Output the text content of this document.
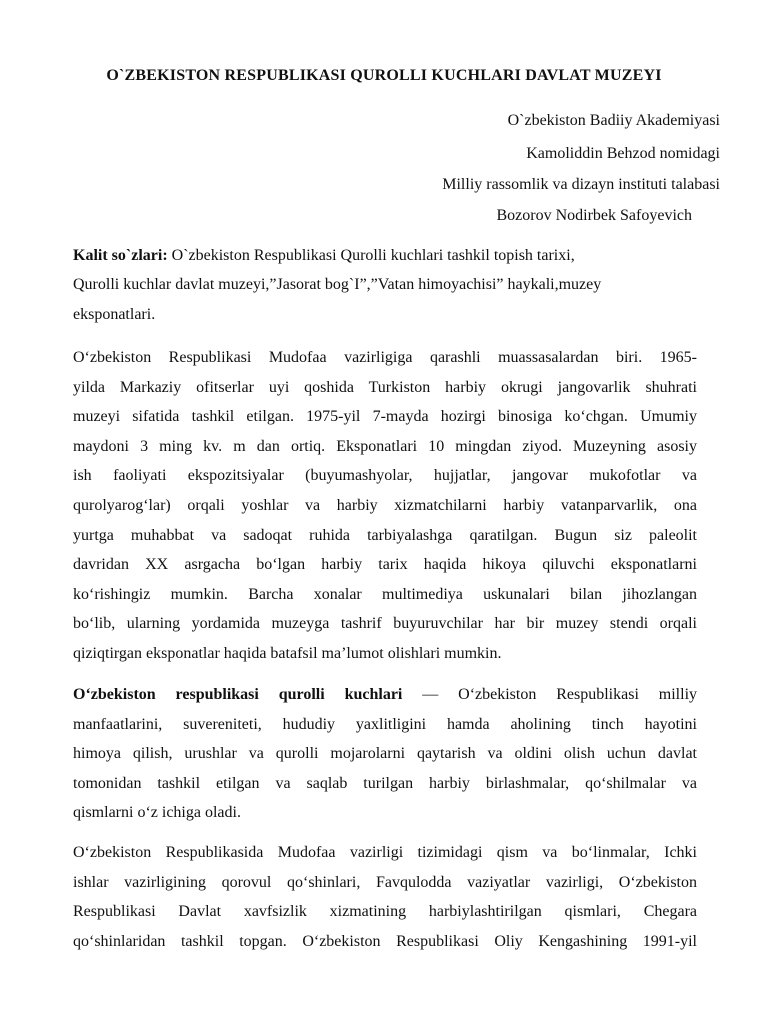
O`ZBEKISTON RESPUBLIKASI QUROLLI KUCHLARI DAVLAT MUZEYI
O`zbekiston Badiiy Akademiyasi
Kamoliddin Behzod nomidagi
Milliy rassomlik va dizayn instituti talabasi
Bozorov Nodirbek Safoyevich
Kalit so`zlari: O`zbekiston Respublikasi Qurolli kuchlari tashkil topish tarixi,
Qurolli kuchlar davlat muzeyi,”Jasorat bog`I”,”Vatan himoyachisi” haykali,muzey
eksponatlari.
O‘zbekiston Respublikasi Mudofaa vazirligiga qarashli muassasalardan biri. 1965-
yilda Markaziy ofitserlar uyi qoshida Turkiston harbiy okrugi jangovarlik shuhrati
muzeyi sifatida tashkil etilgan. 1975-yil 7-mayda hozirgi binosiga ko‘chgan. Umumiy
maydoni 3 ming kv. m dan ortiq. Eksponatlari 10 mingdan ziyod. Muzeyning asosiy
ish faoliyati ekspozitsiyalar (buyumashyolar, hujjatlar, jangovar mukofotlar va
qurolyarog‘lar) orqali yoshlar va harbiy xizmatchilarni harbiy vatanparvarlik, ona
yurtga muhabbat va sadoqat ruhida tarbiyalashga qaratilgan. Bugun siz paleolit
davridan XX asrgacha bo‘lgan harbiy tarix haqida hikoya qiluvchi eksponatlarni
ko‘rishingiz mumkin. Barcha xonalar multimediya uskunalari bilan jihozlangan
bo‘lib, ularning yordamida muzeyga tashrif buyuruvchilar har bir muzey stendi orqali
qiziqtirgan eksponatlar haqida batafsil ma’lumot olishlari mumkin.
O‘zbekiston respublikasi qurolli kuchlari — O‘zbekiston Respublikasi milliy
manfaatlarini, suvereniteti, hududiy yaxlitligini hamda aholining tinch hayotini
himoya qilish, urushlar va qurolli mojarolarni qaytarish va oldini olish uchun davlat
tomonidan tashkil etilgan va saqlab turilgan harbiy birlashmalar, qo‘shilmalar va
qismlarni o‘z ichiga oladi.
O‘zbekiston Respublikasida Mudofaa vazirligi tizimidagi qism va bo‘linmalar, Ichki
ishlar vazirligining qorovul qo‘shinlari, Favqulodda vaziyatlar vazirligi, O‘zbekiston
Respublikasi Davlat xavfsizlik xizmatining harbiylashtirilgan qismlari, Chegara
qo‘shinlaridan tashkil topgan. O‘zbekiston Respublikasi Oliy Kengashining 1991-yil
